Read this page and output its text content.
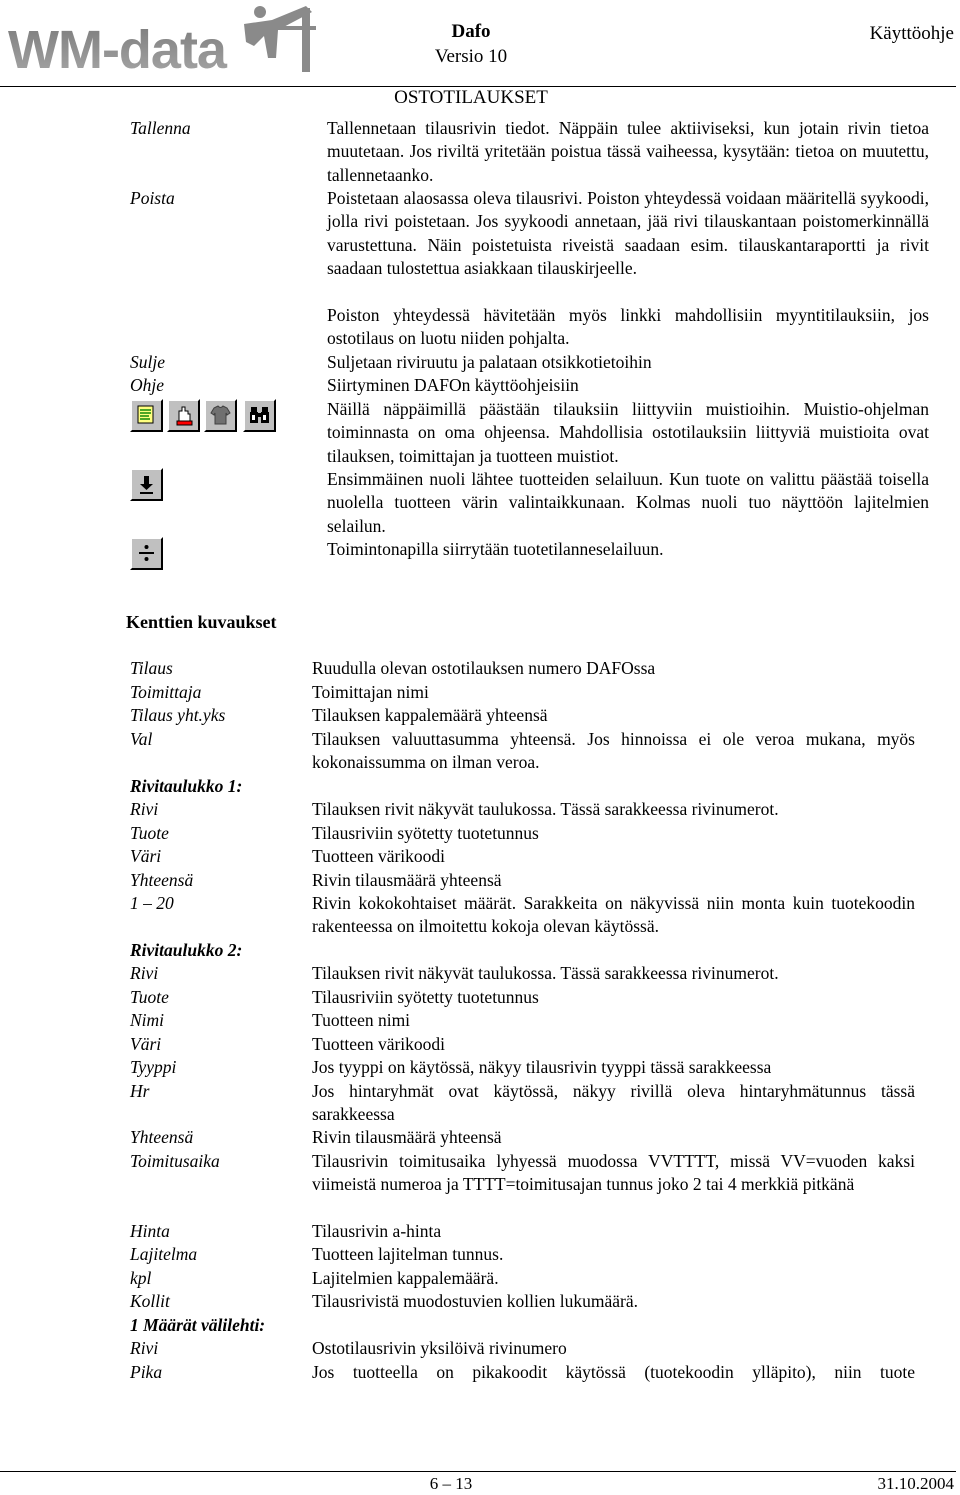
WM-data	Dafo
Versio 10
Käyttöohje
OSTOTILAUKSET
Tallenna	Tallennetaan tilausrivin tiedot. Näppäin tulee aktiiviseksi, kun jotain rivin tietoa muutetaan. Jos riviltä yritetään poistua tässä vaiheessa, kysytään: tietoa on muutettu, tallennetaanko.
Poista	Poistetaan alaosassa oleva tilausrivi. Poiston yhteydessä voidaan määritellä syykoodi, jolla rivi poistetaan. Jos syykoodi annetaan, jää rivi tilauskantaan poistomerkinnällä varustettuna. Näin poistetuista riveistä saadaan esim. tilauskantaraportti ja rivit saadaan tulostettua asiakkaan tilauskirjeelle.
Poiston yhteydessä hävitetään myös linkki mahdollisiin myyntitilauksiin, jos ostotilaus on luotu niiden pohjalta.
Sulje	Suljetaan riviruutu ja palataan otsikkotietoihin
Ohje	Siirtyminen DAFOn käyttöohjeisiin
Näillä näppäimillä päästään tilauksiin liittyviin muistioihin. Muistio-ohjelman toiminnasta on oma ohjeensa. Mahdollisia ostotilauksiin liittyviä muistioita ovat tilauksen, toimittajan ja tuotteen muistiot.
Ensimmäinen nuoli lähtee tuotteiden selailuun. Kun tuote on valittu päästää toisella nuolella tuotteen värin valintaikkunaan. Kolmas nuoli tuo näyttöön lajitelmien selailun.
Toimintonapilla siirrytään tuotetilanneselailuun.
Kenttien kuvaukset
Tilaus	Ruudulla olevan ostotilauksen numero DAFOssa
Toimittaja	Toimittajan nimi
Tilaus yht.yks	Tilauksen kappalemäärä yhteensä
Val	Tilauksen valuuttasumma yhteensä. Jos hinnoissa ei ole veroa mukana, myös kokonaissumma on ilman veroa.
Rivitaulukko 1:
Rivi	Tilauksen rivit näkyvät taulukossa. Tässä sarakkeessa rivinumerot.
Tuote	Tilausriviin syötetty tuotetunnus
Väri	Tuotteen värikoodi
Yhteensä	Rivin tilausmäärä yhteensä
1 – 20	Rivin kokokohtaiset määrät. Sarakkeita on näkyvissä niin monta kuin tuotekoodin rakenteessa on ilmoitettu kokoja olevan käytössä.
Rivitaulukko 2:
Rivi	Tilauksen rivit näkyvät taulukossa. Tässä sarakkeessa rivinumerot.
Tuote	Tilausriviin syötetty tuotetunnus
Nimi	Tuotteen nimi
Väri	Tuotteen värikoodi
Tyyppi	Jos tyyppi on käytössä, näkyy tilausrivin tyyppi tässä sarakkeessa
Hr	Jos hintaryhmät ovat käytössä, näkyy rivillä oleva hintaryhmätunnus tässä sarakkeessa
Yhteensä	Rivin tilausmäärä yhteensä
Toimitusaika	Tilausrivin toimitusaika lyhyessä muodossa VVTTTT, missä VV=vuoden kaksi viimeistä numeroa ja TTTT=toimitusajan tunnus joko 2 tai 4 merkkiä pitkänä
Hinta	Tilausrivin a-hinta
Lajitelma	Tuotteen lajitelman tunnus.
kpl	Lajitelmien kappalemäärä.
Kollit	Tilausrivistä muodostuvien kollien lukumäärä.
1 Määrät välilehti:
Rivi	Ostotilausrivin yksilöivä rivinumero
Pika	Jos tuotteella on pikakoodit käytössä (tuotekoodin ylläpito), niin tuote
6 – 13	31.10.2004
